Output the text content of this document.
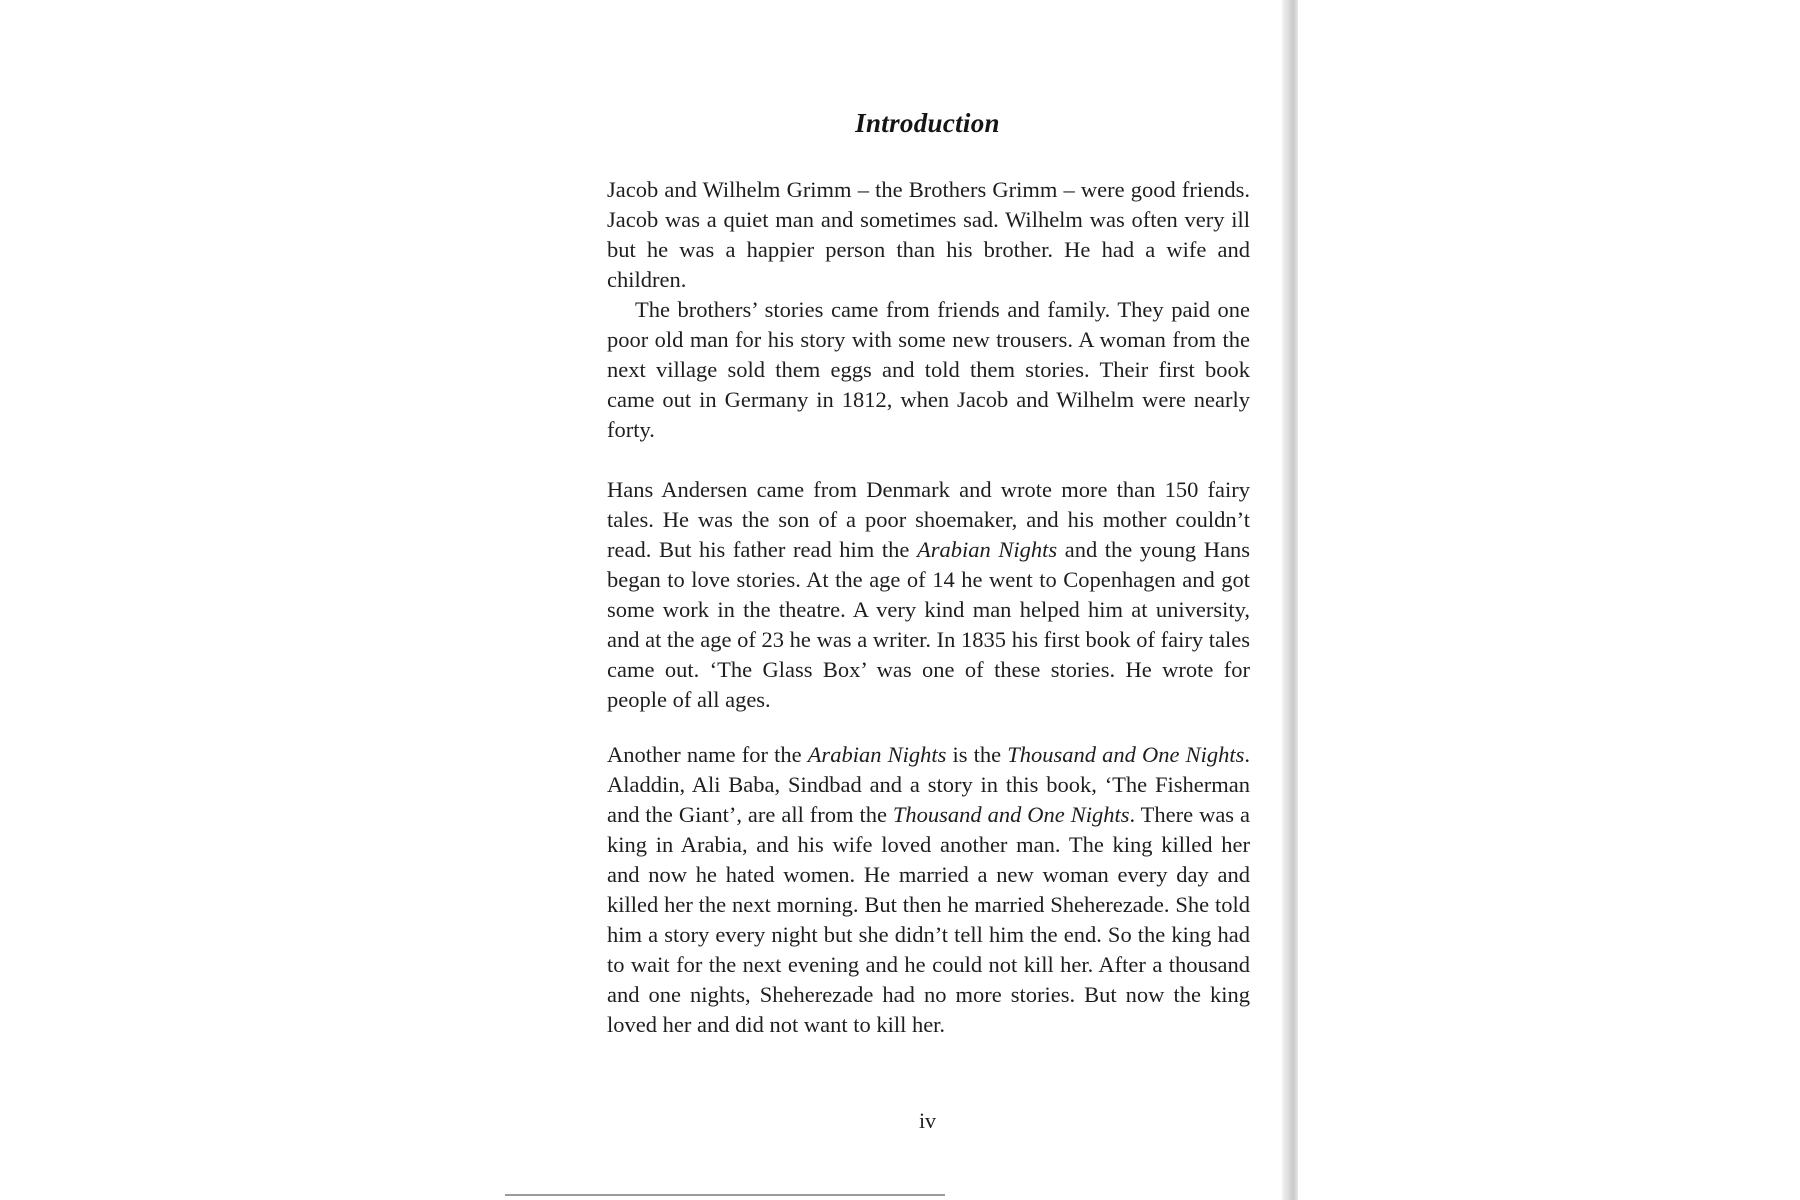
Introduction

Jacob and Wilhelm Grimm – the Brothers Grimm – were good friends. Jacob was a quiet man and sometimes sad. Wilhelm was often very ill but he was a happier person than his brother. He had a wife and children.

The brothers’ stories came from friends and family. They paid one poor old man for his story with some new trousers. A woman from the next village sold them eggs and told them stories. Their first book came out in Germany in 1812, when Jacob and Wilhelm were nearly forty.

Hans Andersen came from Denmark and wrote more than 150 fairy tales. He was the son of a poor shoemaker, and his mother couldn’t read. But his father read him the Arabian Nights and the young Hans began to love stories. At the age of 14 he went to Copenhagen and got some work in the theatre. A very kind man helped him at university, and at the age of 23 he was a writer. In 1835 his first book of fairy tales came out. ‘The Glass Box’ was one of these stories. He wrote for people of all ages.

Another name for the Arabian Nights is the Thousand and One Nights. Aladdin, Ali Baba, Sindbad and a story in this book, ‘The Fisherman and the Giant’, are all from the Thousand and One Nights. There was a king in Arabia, and his wife loved another man. The king killed her and now he hated women. He married a new woman every day and killed her the next morning. But then he married Sheherezade. She told him a story every night but she didn’t tell him the end. So the king had to wait for the next evening and he could not kill her. After a thousand and one nights, Sheherezade had no more stories. But now the king loved her and did not want to kill her.

iv
